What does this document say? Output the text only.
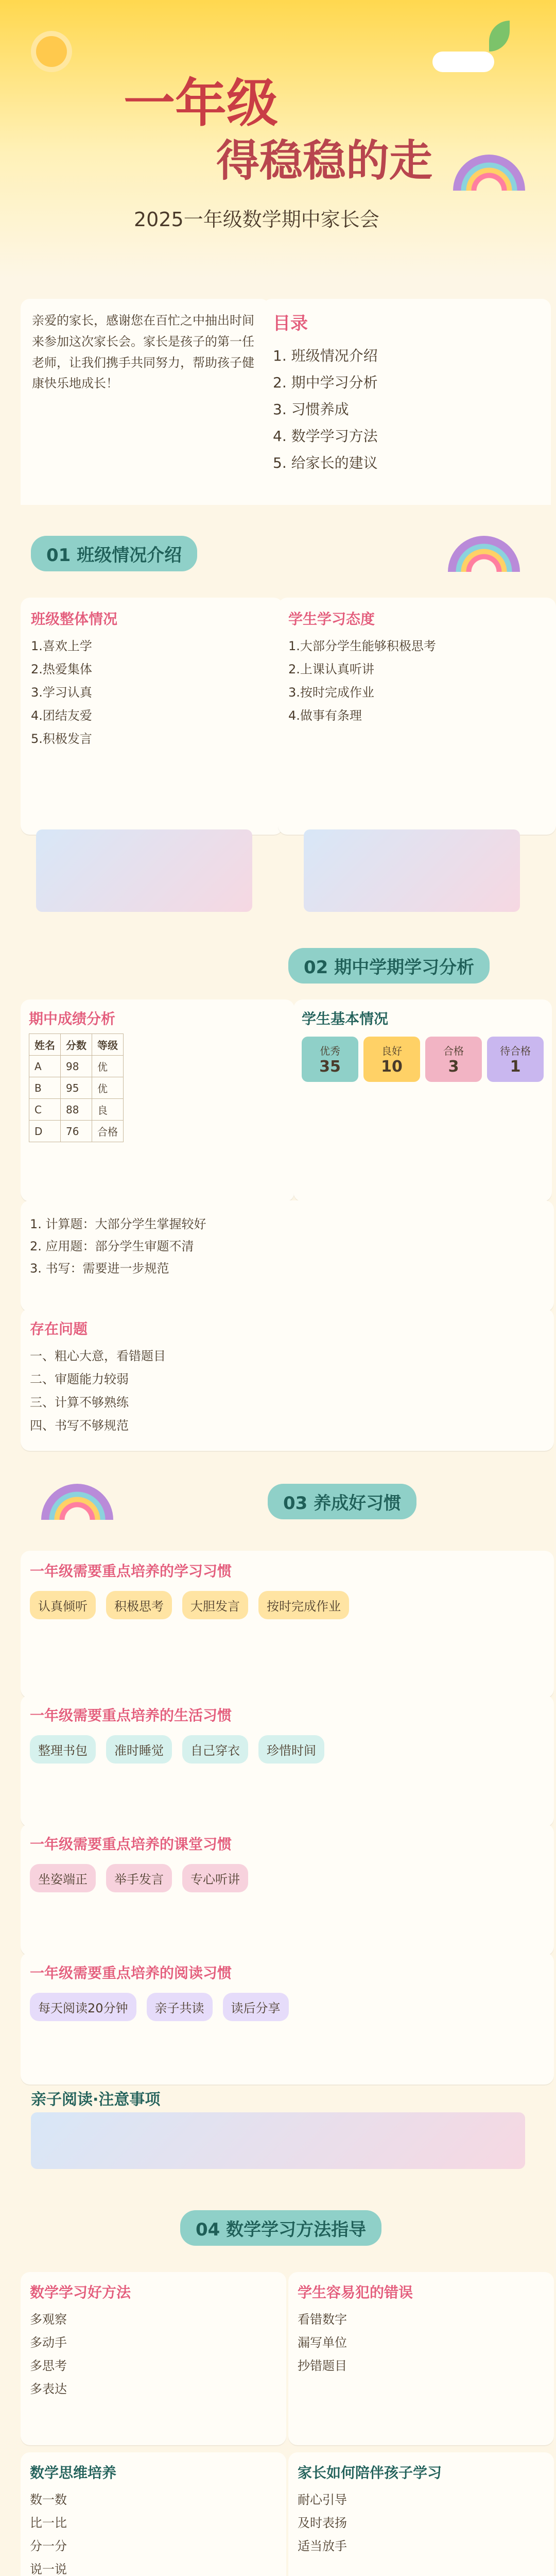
一年级
得稳稳的走
2025一年级数学期中家长会
亲爱的家长，感谢您在百忙之中抽出时间来参加这次家长会。家长是孩子的第一任老师，让我们携手共同努力，帮助孩子健康快乐地成长！
目录
1. 班级情况介绍
2. 期中学习分析
3. 习惯养成
4. 数学学习方法
5. 给家长的建议
01 班级情况介绍
班级整体情况
1.喜欢上学
2.热爱集体
3.学习认真
4.团结友爱
5.积极发言
学生学习态度
1.大部分学生能够积极思考
2.上课认真听讲
3.按时完成作业
4.做事有条理
02 期中学期学习分析
期中成绩分析
姓名	分数	等级
A	98	优
B	95	优
C	88	良
D	76	合格
学生基本情况
优秀
35
良好
10
合格
3
待合格
1
1. 计算题：大部分学生掌握较好
2. 应用题：部分学生审题不清
3. 书写：需要进一步规范
存在问题
一、粗心大意，看错题目
二、审题能力较弱
三、计算不够熟练
四、书写不够规范
03 养成好习惯
一年级需要重点培养的学习习惯
认真倾听	积极思考	大胆发言	按时完成作业
一年级需要重点培养的生活习惯
整理书包	准时睡觉	自己穿衣	珍惜时间
一年级需要重点培养的课堂习惯
坐姿端正	举手发言	专心听讲
一年级需要重点培养的阅读习惯
每天阅读20分钟	亲子共读	读后分享
亲子阅读·注意事项
04 数学学习方法指导
数学学习好方法
多观察
多动手
多思考
多表达
学生容易犯的错误
看错数字
漏写单位
抄错题目
数学思维培养
数一数
比一比
分一分
说一说
家长如何陪伴孩子学习
耐心引导
及时表扬
适当放手
